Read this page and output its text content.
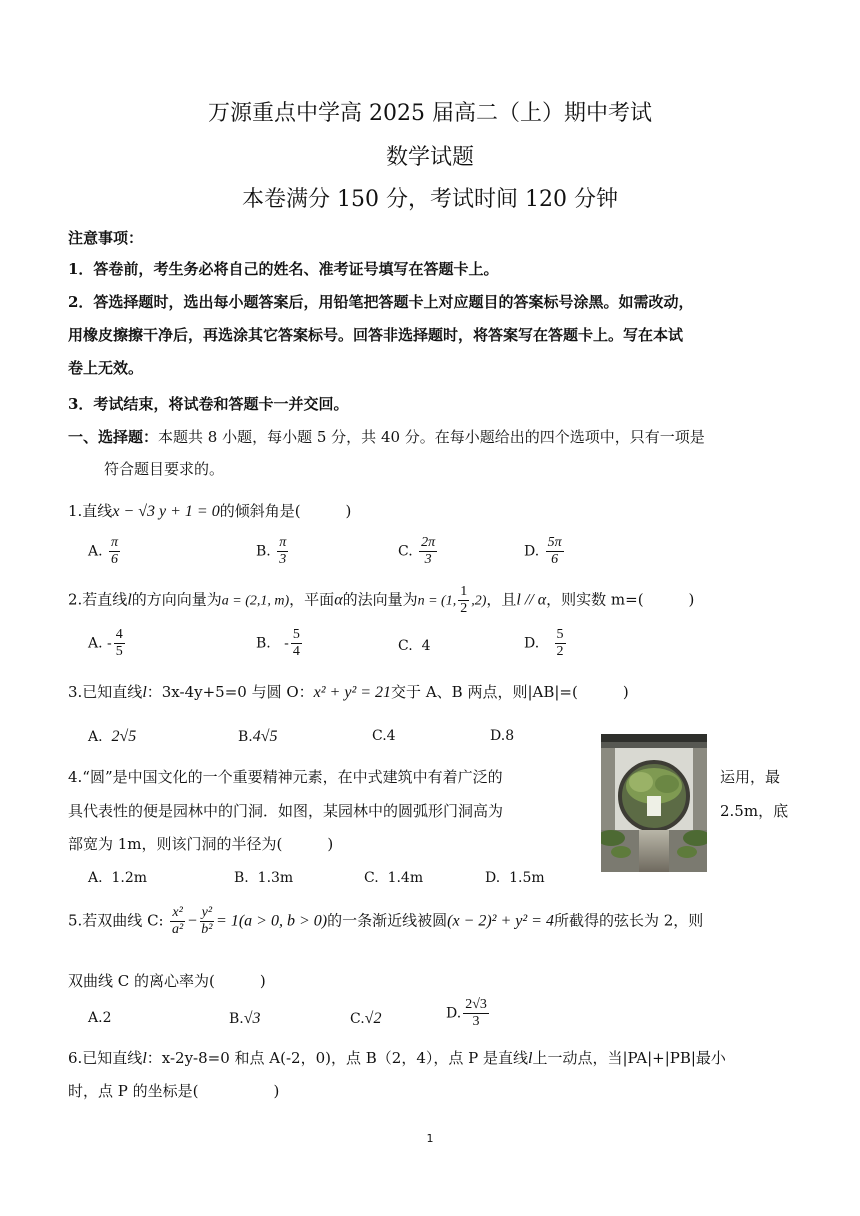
万源重点中学高 2025 届高二（上）期中考试
数学试题
本卷满分 150 分，考试时间 120 分钟
注意事项：
1．答卷前，考生务必将自己的姓名、准考证号填写在答题卡上。
2．答选择题时，选出每小题答案后，用铅笔把答题卡上对应题目的答案标号涂黑。如需改动，
用橡皮擦擦干净后，再选涂其它答案标号。回答非选择题时，将答案写在答题卡上。写在本试
卷上无效。
3．考试结束，将试卷和答题卡一并交回。
一、选择题：本题共 8 小题，每小题 5 分，共 40 分。在每小题给出的四个选项中，只有一项是
符合题目要求的。
1.直线x − √3 y + 1 = 0的倾斜角是(　　　)
A. $\frac{\pi}{6}$	B. $\frac{\pi}{3}$	C. $\frac{2\pi}{3}$	D. $\frac{5\pi}{6}$
2.若直线l的方向向量为a = (2,1, m)，平面α的法向量为n = (1, $\frac{1}{2} ,2$)，且l // α，则实数 m=(　　　)
A. - $\frac{4}{5}$	B. - $\frac{5}{4}$	C. 4	D. $\frac{5}{2}$
3.已知直线l：3x-4y+5=0 与圆 O：x² + y² = 21交于 A、B 两点，则|AB|=(　　　)
A. 2√5	B.4√5	C.4	D.8
4.“圆”是中国文化的一个重要精神元素，在中式建筑中有着广泛的	运用，最
具代表性的便是园林中的门洞．如图，某园林中的圆弧形门洞高为	2.5m，底
部宽为 1m，则该门洞的半径为(　　　)
A. 1.2m	B. 1.3m	C. 1.4m	D. 1.5m
5.若双曲线 C: $\frac{\text{x²}}{\text{a²}} - \frac{\text{y²}}{\text{b²}} = 1(a > 0$, b > 0)的一条渐近线被圆(x − 2)² + y² = 4所截得的弦长为 2，则
双曲线 C 的离心率为(　　　)
A.2	B.√3	C.√2	D. $\frac{2√3}{3}$
6.已知直线l：x-2y-8=0 和点 A(-2，0)，点 B（2，4），点 P 是直线l上一动点，当|PA|+|PB|最小
时，点 P 的坐标是(　　　　　)
1
